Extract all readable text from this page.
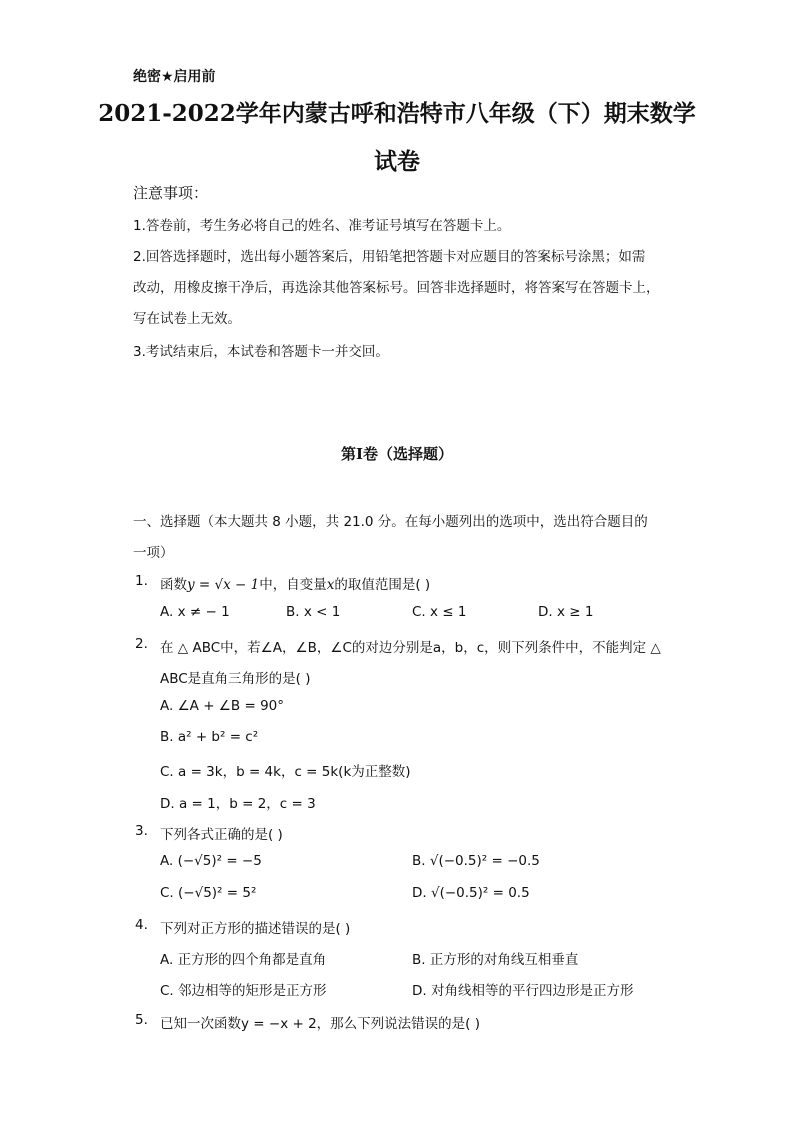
绝密★启用前
2021-2022学年内蒙古呼和浩特市八年级（下）期末数学
试卷
注意事项：
1.答卷前，考生务必将自己的姓名、准考证号填写在答题卡上。
2.回答选择题时，选出每小题答案后，用铅笔把答题卡对应题目的答案标号涂黑；如需
改动，用橡皮擦干净后，再选涂其他答案标号。回答非选择题时，将答案写在答题卡上，
写在试卷上无效。
3.考试结束后，本试卷和答题卡一并交回。
第Ⅰ卷（选择题）
一、选择题（本大题共 8 小题，共 21.0 分。在每小题列出的选项中，选出符合题目的
一项）
1. 函数y = √x − 1中，自变量x的取值范围是( )
A. x ≠ − 1	B. x < 1	C. x ≤ 1	D. x ≥ 1
2. 在 △ ABC中，若∠A，∠B，∠C的对边分别是a，b，c，则下列条件中，不能判定 △
ABC是直角三角形的是( )
A. ∠A + ∠B = 90°
B. a² + b² = c²
C. a = 3k，b = 4k，c = 5k(k为正整数)
D. a = 1，b = 2，c = 3
3. 下列各式正确的是( )
A. (−√5)² = −5	B. √(−0.5)² = −0.5
C. (−√5)² = 5²	D. √(−0.5)² = 0.5
4. 下列对正方形的描述错误的是( )
A. 正方形的四个角都是直角	B. 正方形的对角线互相垂直
C. 邻边相等的矩形是正方形	D. 对角线相等的平行四边形是正方形
5. 已知一次函数y = −x + 2，那么下列说法错误的是( )
